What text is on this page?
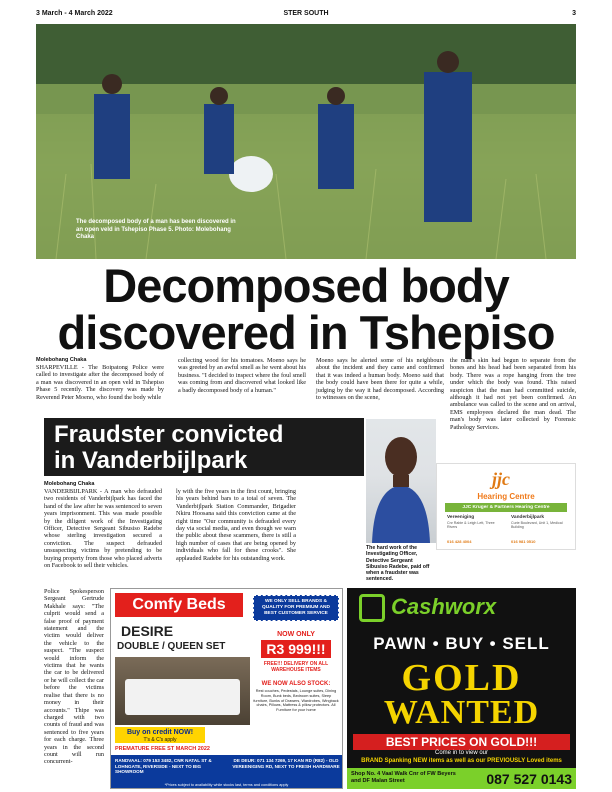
3 March - 4 March 2022	STER SOUTH	3
The decomposed body of a man has been discovered in an open veld in Tshepiso Phase 5. Photo: Molebohang Chaka
Decomposed body
discovered in Tshepiso
Molebohang Chaka
SHARPEVILLE - The Boipatong Police were called to investigate after the decomposed body of a man was discovered in an open veld in Tshepiso Phase 5 recently. The discovery was made by Reverend Peter Moeno, who found the body while
collecting wood for his tomatoes. Moeno says he was greeted by an awful smell as he went about his business. "I decided to inspect where the foul smell was coming from and discovered what looked like a badly decomposed body of a human."
Moeno says he alerted some of his neighbours about the incident and they came and confirmed that it was indeed a human body. Moeno said that the body could have been there for quite a while, judging by the way it had decomposed. According to witnesses on the scene,
the man's skin had begun to separate from the bones and his head had been separated from his body. There was a rope hanging from the tree under which the body was found. This raised suspicion that the man had committed suicide, although it had not yet been confirmed. An ambulance was called to the scene and on arrival, EMS employees declared the man dead. The man's body was later collected by Forensic Pathology Services.
Fraudster convicted
in Vanderbijlpark
Molebohang Chaka
VANDERBIJLPARK - A man who defrauded two residents of Vanderbijlpark has faced the hand of the law after he was sentenced to seven years imprisonment. This was made possible by the diligent work of the Investigating Officer, Detective Sergeant Sibusiso Radebe whose sterling investigation secured a conviction. The suspect defrauded unsuspecting victims by pretending to be buying property from those who placed adverts on Facebook to sell their vehicles.
Police Spokesperson Sergeant Gertrude Makhale says: "The culprit would send a false proof of payment statement and the victim would deliver the vehicle to the suspect. "The suspect would inform the victims that he wants the car to be delivered or he will collect the car before the victims realise that there is no money in their accounts." Thipe was charged with two counts of fraud and was sentenced to five years for each charge. Three years in the second count will run concurrent-
ly with the five years in the first count, bringing his years behind bars to a total of seven. The Vanderbijlpark Station Commander, Brigadier Nkiru Hoosana said this conviction came at the right time "Our community is defrauded every day via social media, and even though we warn the public about these scammers, there is still a high number of cases that are being opened by individuals who fall for these crooks". She applauded Radebe for his outstanding work.
The hard work of the Investigating Officer, Detective Sergeant Sibusiso Radebe, paid off when a fraudster was sentenced.
jjc
Hearing Centre
JJC Kruger & Partners Hearing Centre
Vereeniging	Vanderbijlpark
Cnr Rabie & Leigh Lett, Three Rivers
Curie Boulevard, Unit 1, Medical Building
016 428 4004	016 981 0510
Comfy Beds
DESIRE
DOUBLE / QUEEN SET
Buy on credit NOW!
T's & C's apply
PREMATURE FREE ST MARCH 2022
WE ONLY SELL BRANDS & QUALITY FOR PREMIUM AND BEST CUSTOMER SERVICE
NOW ONLY
R3 999!!!
FREE!!! DELIVERY ON ALL WAREHOUSE ITEMS
WE NOW ALSO STOCK:
Rest couches, Pedestals, Lounge suites, Dining Room, Bunk beds, Bedroom suites, Sleep furniture, Bunks of Drawers, Wardrobes, Wingback chairs, Pillows, Mattress & pillow protectors. All Furniture for your home
RANDVAAL: 079 153 3482, CNR NATAL ST & LOHNGATE, RIVERSIDE - NEXT TO BIG SHOWROOM
DE DEUR: 071 134 7269, 17 KAN RD (R82) - OLD VEREENIGING RD, NEXT TO FRESH HARDWARE
*Prices subject to availability while stocks last, terms and conditions apply
Cashworx
PAWN • BUY • SELL
GOLD
WANTED
BEST PRICES ON GOLD!!!
Come in to view our
BRAND Spanking NEW items as well as our PREVIOUSLY Loved items
Shop No. 4 Vaal Walk Cnr of FW Beyers and DF Malan Street	087 527 0143
